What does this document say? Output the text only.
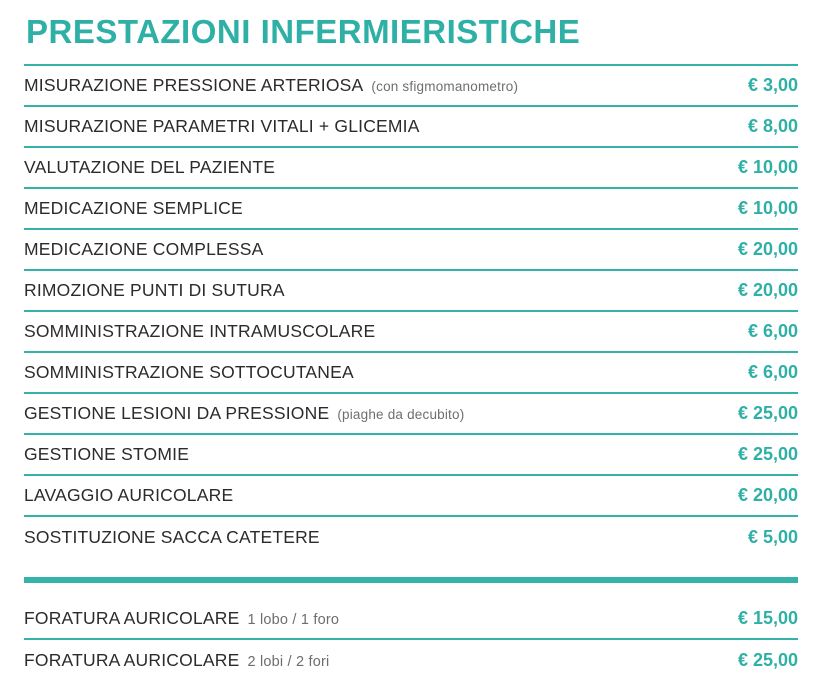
PRESTAZIONI INFERMIERISTICHE
MISURAZIONE PRESSIONE ARTERIOSA (con sfigmomanometro)	€ 3,00
MISURAZIONE PARAMETRI VITALI + GLICEMIA	€ 8,00
VALUTAZIONE DEL PAZIENTE	€ 10,00
MEDICAZIONE SEMPLICE	€ 10,00
MEDICAZIONE COMPLESSA	€ 20,00
RIMOZIONE PUNTI DI SUTURA	€ 20,00
SOMMINISTRAZIONE INTRAMUSCOLARE	€ 6,00
SOMMINISTRAZIONE SOTTOCUTANEA	€ 6,00
GESTIONE LESIONI DA PRESSIONE (piaghe da decubito)	€ 25,00
GESTIONE STOMIE	€ 25,00
LAVAGGIO AURICOLARE	€ 20,00
SOSTITUZIONE SACCA CATETERE	€ 5,00

FORATURA AURICOLARE 1 lobo / 1 foro	€ 15,00
FORATURA AURICOLARE 2 lobi / 2 fori	€ 25,00
